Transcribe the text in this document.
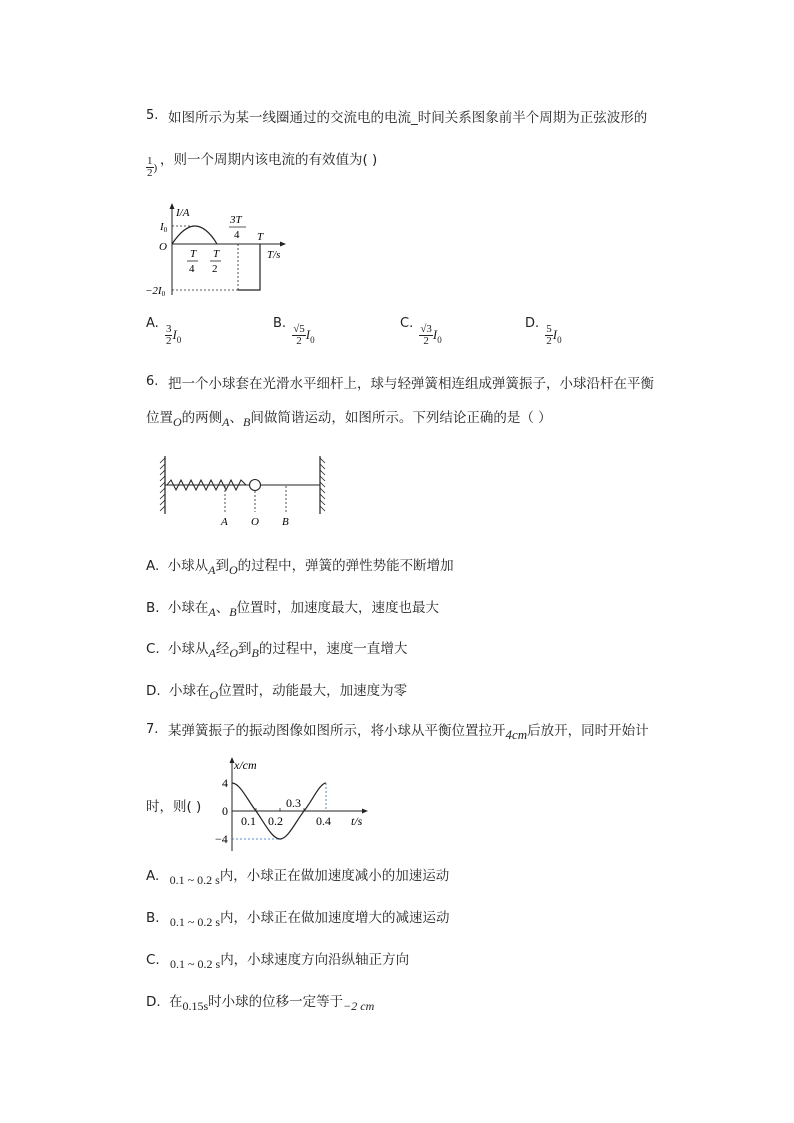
5. 如图所示为某一线圈通过的交流电的电流_时间关系图象前半个周期为正弦波形的
$\frac{1}{2}$ ) ，则一个周期内该电流的有效值为( )
I/A
I0
O
−2I0
T
4
T
2
3T
4 T
T/s
A.
$\frac{3}{2} I0$
B.
$\frac{√5}{2} I0$
C.
$\frac{√3}{2} I0$
D.
$\frac{5}{2} I0$
6. 把一个小球套在光滑水平细杆上，球与轻弹簧相连组成弹簧振子，小球沿杆在平衡
位置O的两侧A、B间做简谐运动，如图所示。下列结论正确的是（ ）
A O B
A. 小球从A到O的过程中，弹簧的弹性势能不断增加
B. 小球在A、B位置时，加速度最大，速度也最大
C. 小球从A经O到B的过程中，速度一直增大
D. 小球在O位置时，动能最大，加速度为零
7. 某弹簧振子的振动图像如图所示，将小球从平衡位置拉开4cm后放开，同时开始计
x/cm
4
0
−4
0.1 0.2
0.3
0.4 t/s
时，则( )
A. 0.1 ~ 0.2 s内，小球正在做加速度减小的加速运动
B. 0.1 ~ 0.2 s内，小球正在做加速度增大的减速运动
C. 0.1 ~ 0.2 s内，小球速度方向沿纵轴正方向
D. 在0.15s时小球的位移一定等于−2 cm
